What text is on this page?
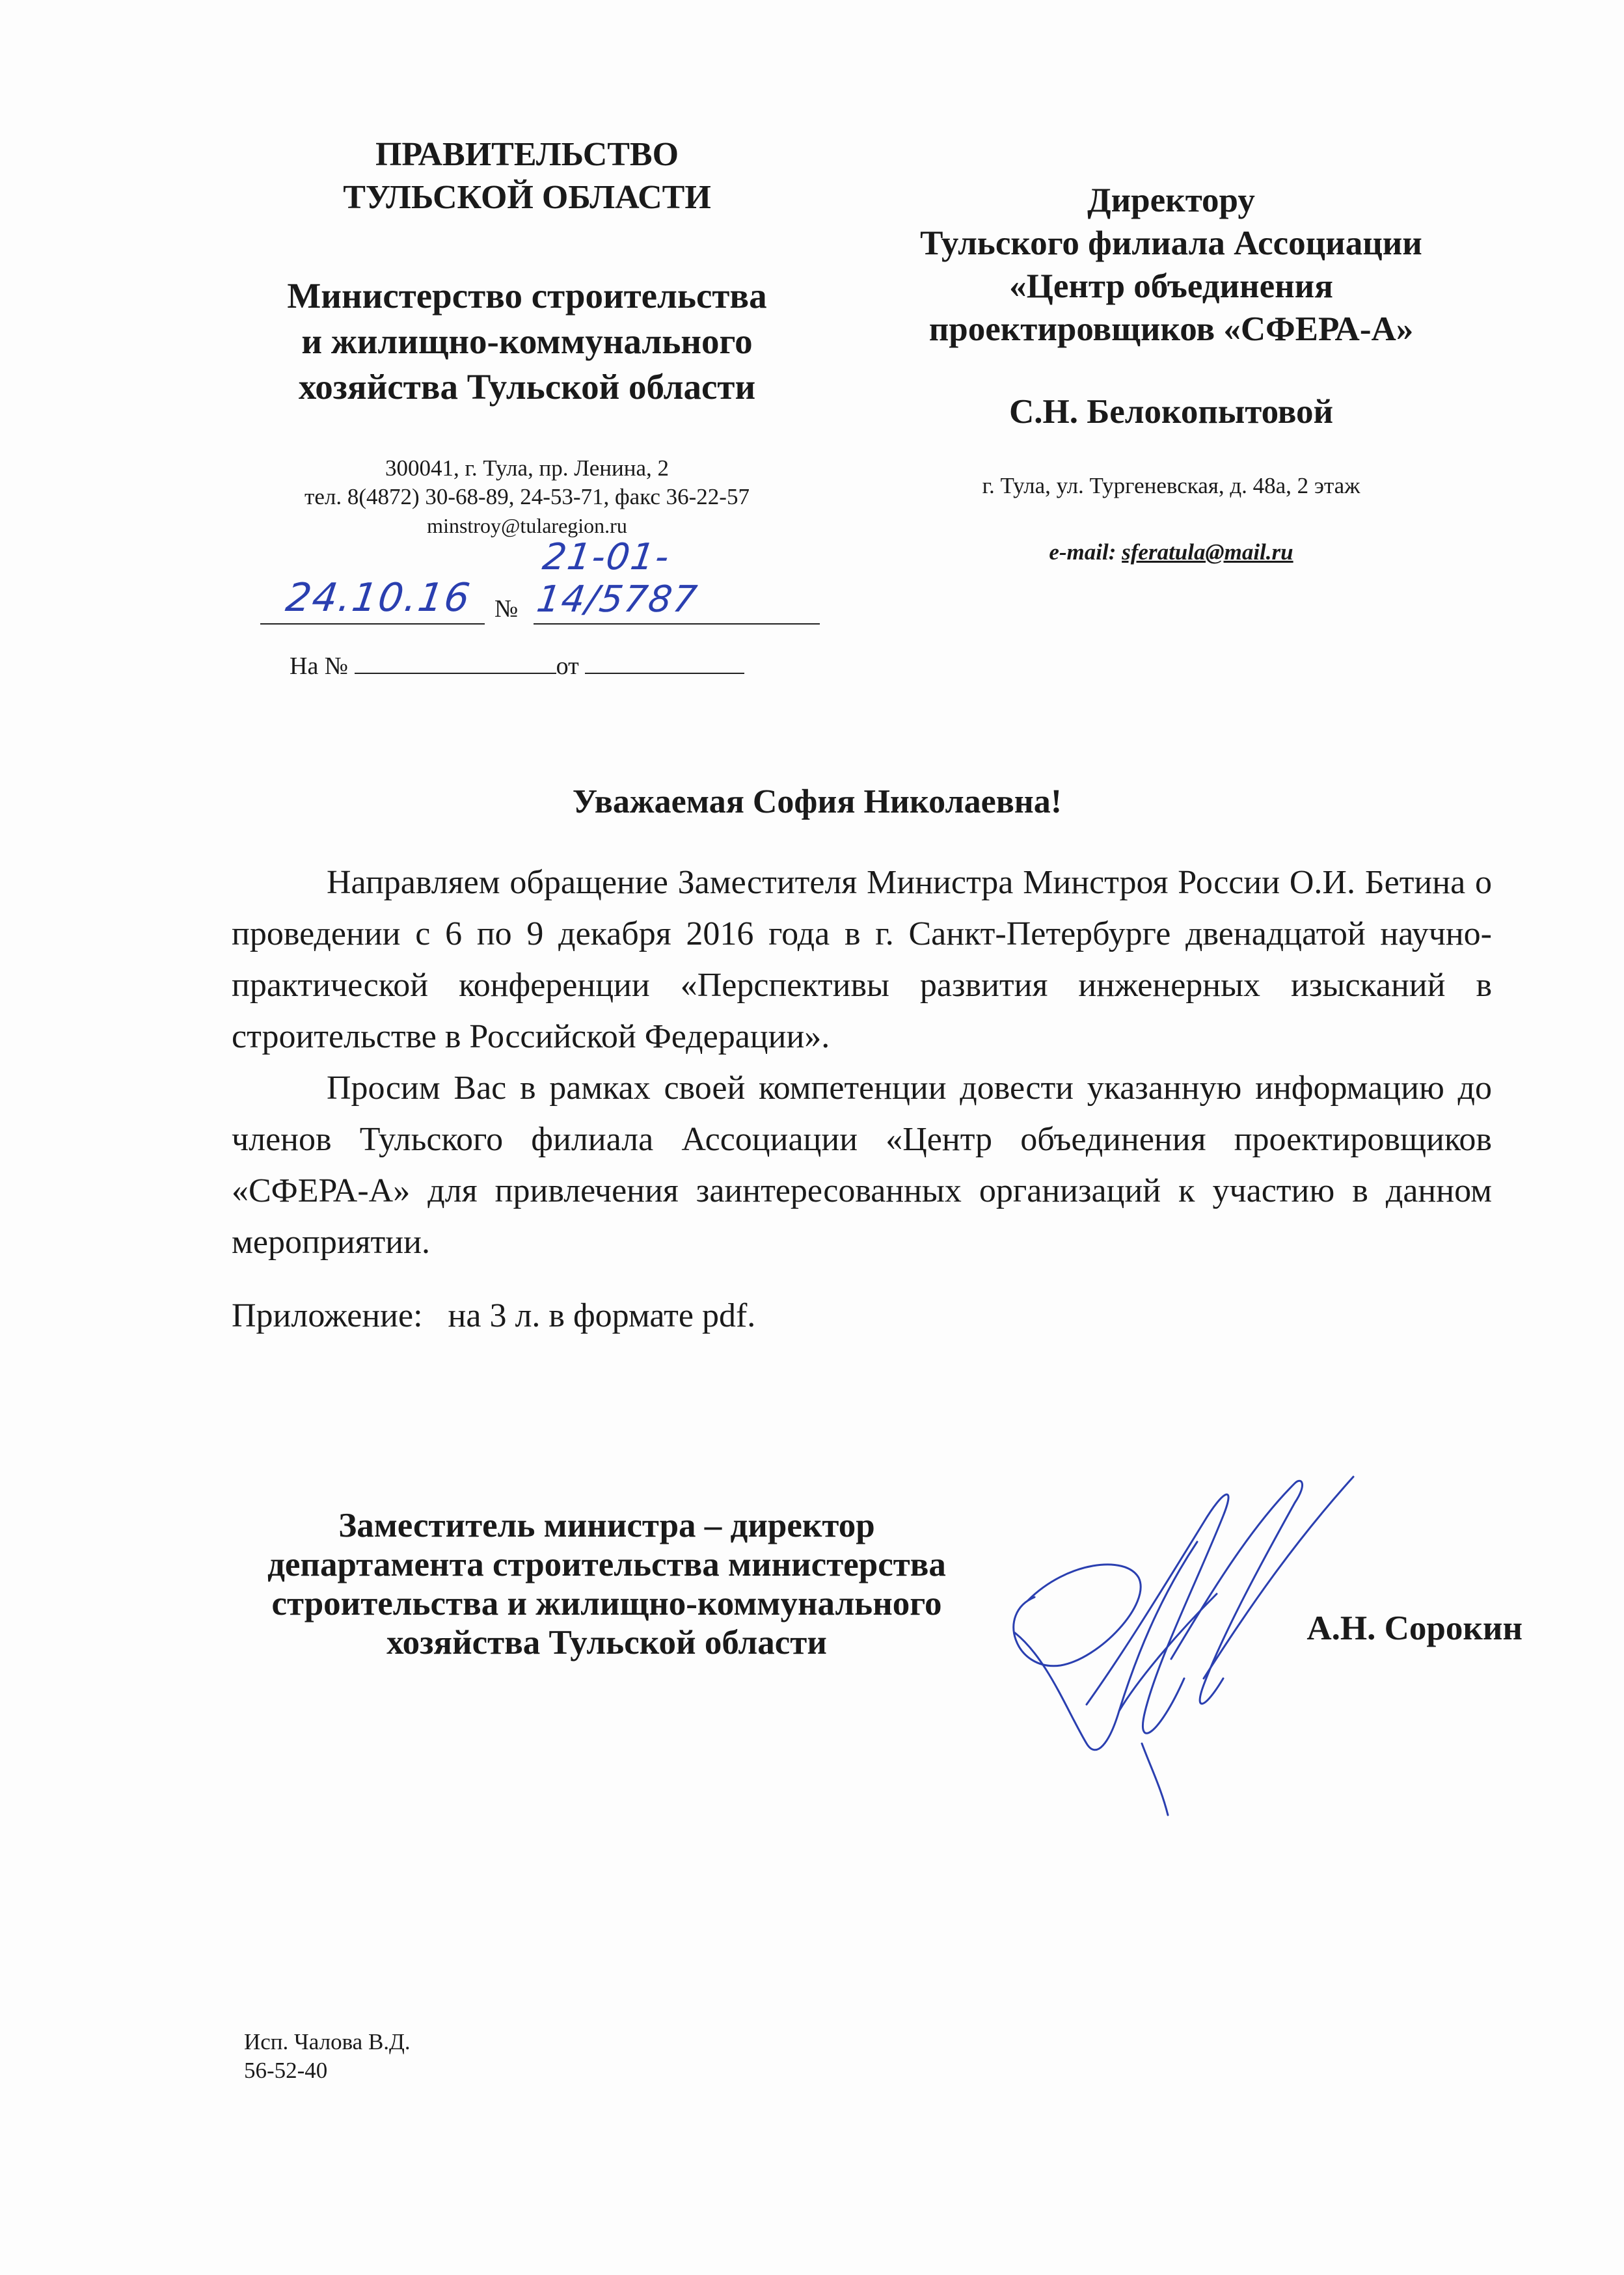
ПРАВИТЕЛЬСТВО
ТУЛЬСКОЙ ОБЛАСТИ
Министерство строительства
и жилищно-коммунального
хозяйства Тульской области
300041, г. Тула, пр. Ленина, 2
тел. 8(4872) 30-68-89, 24-53-71, факс 36-22-57
minstroy@tularegion.ru
24.10.16 №
21-01-14/5787
На №	от
Директору
Тульского филиала Ассоциации
«Центр объединения
проектировщиков «СФЕРА-А»
С.Н. Белокопытовой
г. Тула, ул. Тургеневская, д. 48а, 2 этаж
e-mail: sferatula@mail.ru
Уважаемая София Николаевна!

Направляем обращение Заместителя Министра Минстроя России О.И. Бетина о проведении с 6 по 9 декабря 2016 года в г. Санкт-Петербурге двенадцатой научно-практической конференции «Перспективы развития инженерных изысканий в строительстве в Российской Федерации».

Просим Вас в рамках своей компетенции довести указанную информацию до членов Тульского филиала Ассоциации «Центр объединения проектировщиков «СФЕРА-А» для привлечения заинтересованных организаций к участию в данном мероприятии.

Приложение:   на 3 л. в формате pdf.
Заместитель министра – директор
департамента строительства министерства
строительства и жилищно-коммунального
хозяйства Тульской области	А.Н. Сорокин
Исп. Чалова В.Д.
56-52-40
